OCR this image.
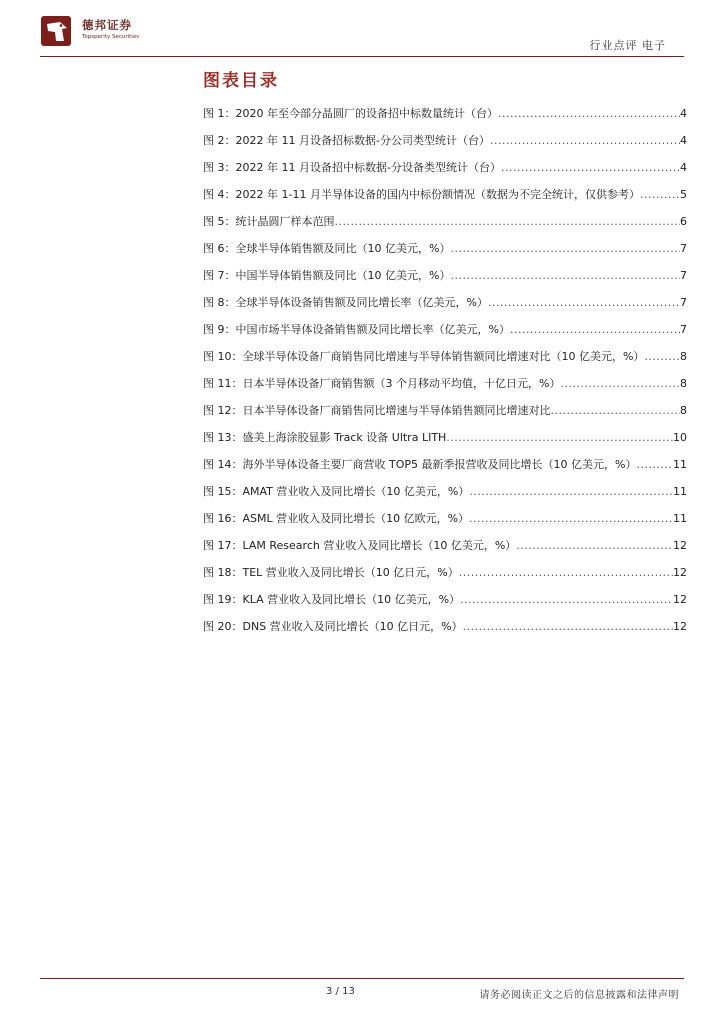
德邦证券
Topsperity Securities
行业点评 电子
图表目录
图 1：2020 年至今部分晶圆厂的设备招中标数量统计（台） .....	4
图 2：2022 年 11 月设备招标数据-分公司类型统计（台） .....	4
图 3：2022 年 11 月设备招中标数据-分设备类型统计（台） .....	4
图 4：2022 年 1-11 月半导体设备的国内中标份额情况（数据为不完全统计，仅供参考） .....	5
图 5：统计晶圆厂样本范围 .....	6
图 6：全球半导体销售额及同比（10 亿美元，%） .....	7
图 7：中国半导体销售额及同比（10 亿美元，%） .....	7
图 8：全球半导体设备销售额及同比增长率（亿美元，%） .....	7
图 9：中国市场半导体设备销售额及同比增长率（亿美元，%） .....	7
图 10：全球半导体设备厂商销售同比增速与半导体销售额同比增速对比（10 亿美元，%） .....	8
图 11：日本半导体设备厂商销售额（3 个月移动平均值，十亿日元，%） .....	8
图 12：日本半导体设备厂商销售同比增速与半导体销售额同比增速对比 .....	8
图 13：盛美上海涂胶显影 Track 设备 Ultra LITH .....	10
图 14：海外半导体设备主要厂商营收 TOP5 最新季报营收及同比增长（10 亿美元，%） .....	11
图 15：AMAT 营业收入及同比增长（10 亿美元，%） .....	11
图 16：ASML 营业收入及同比增长（10 亿欧元，%） .....	11
图 17：LAM Research 营业收入及同比增长（10 亿美元，%） .....	12
图 18：TEL 营业收入及同比增长（10 亿日元，%） .....	12
图 19：KLA 营业收入及同比增长（10 亿美元，%） .....	12
图 20：DNS 营业收入及同比增长（10 亿日元，%） .....	12
3 / 13	请务必阅读正文之后的信息披露和法律声明
